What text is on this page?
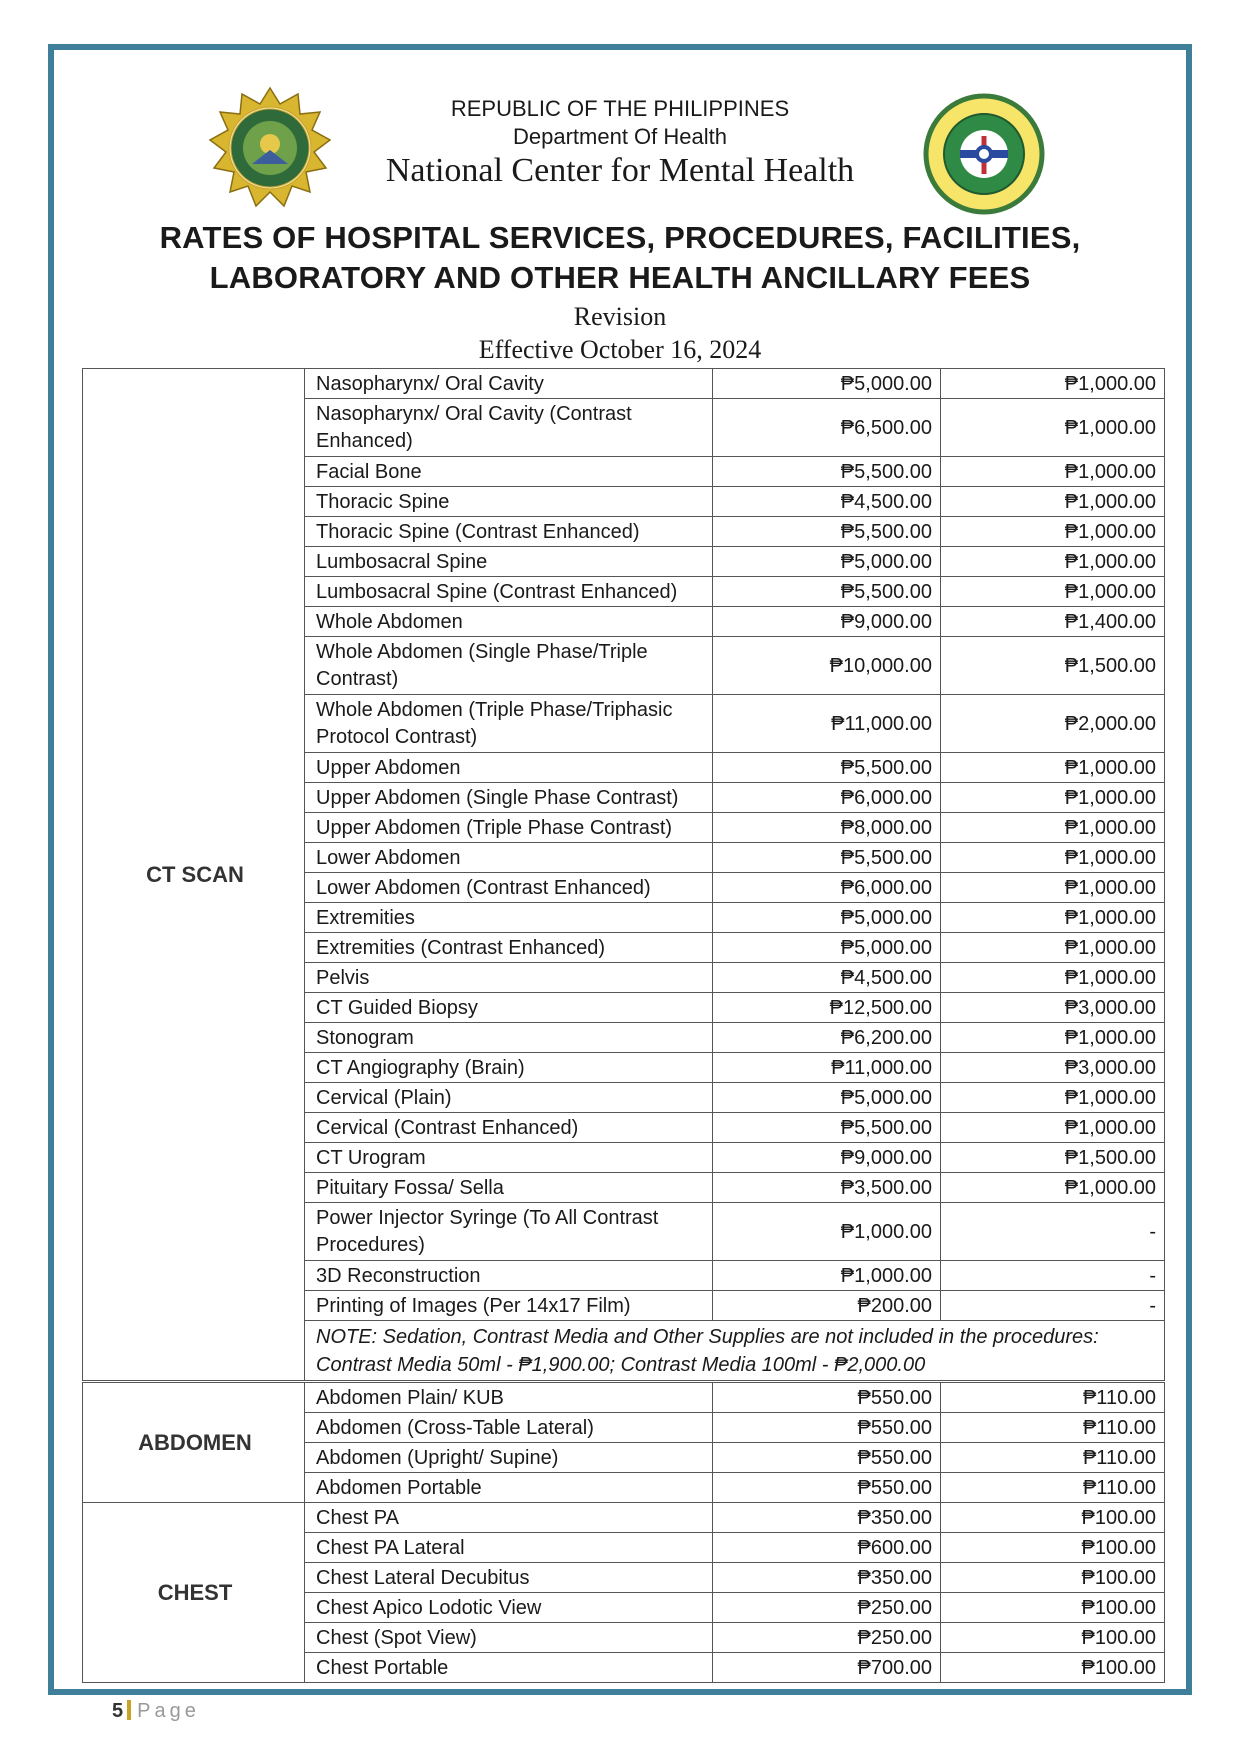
REPUBLIC OF THE PHILIPPINES
Department Of Health
National Center for Mental Health
RATES OF HOSPITAL SERVICES, PROCEDURES, FACILITIES,
LABORATORY AND OTHER HEALTH ANCILLARY FEES
Revision
Effective October 16, 2024
CT SCAN	Nasopharynx/ Oral Cavity	₱5,000.00	₱1,000.00
	Nasopharynx/ Oral Cavity (Contrast Enhanced)	₱6,500.00	₱1,000.00
	Facial Bone	₱5,500.00	₱1,000.00
	Thoracic Spine	₱4,500.00	₱1,000.00
	Thoracic Spine (Contrast Enhanced)	₱5,500.00	₱1,000.00
	Lumbosacral Spine	₱5,000.00	₱1,000.00
	Lumbosacral Spine (Contrast Enhanced)	₱5,500.00	₱1,000.00
	Whole Abdomen	₱9,000.00	₱1,400.00
	Whole Abdomen (Single Phase/Triple Contrast)	₱10,000.00	₱1,500.00
	Whole Abdomen (Triple Phase/Triphasic Protocol Contrast)	₱11,000.00	₱2,000.00
	Upper Abdomen	₱5,500.00	₱1,000.00
	Upper Abdomen (Single Phase Contrast)	₱6,000.00	₱1,000.00
	Upper Abdomen (Triple Phase Contrast)	₱8,000.00	₱1,000.00
	Lower Abdomen	₱5,500.00	₱1,000.00
	Lower Abdomen (Contrast Enhanced)	₱6,000.00	₱1,000.00
	Extremities	₱5,000.00	₱1,000.00
	Extremities (Contrast Enhanced)	₱5,000.00	₱1,000.00
	Pelvis	₱4,500.00	₱1,000.00
	CT Guided Biopsy	₱12,500.00	₱3,000.00
	Stonogram	₱6,200.00	₱1,000.00
	CT Angiography (Brain)	₱11,000.00	₱3,000.00
	Cervical (Plain)	₱5,000.00	₱1,000.00
	Cervical (Contrast Enhanced)	₱5,500.00	₱1,000.00
	CT Urogram	₱9,000.00	₱1,500.00
	Pituitary Fossa/ Sella	₱3,500.00	₱1,000.00
	Power Injector Syringe (To All Contrast Procedures)	₱1,000.00	-
	3D Reconstruction	₱1,000.00	-
	Printing of Images (Per 14x17 Film)	₱200.00	-
	NOTE: Sedation, Contrast Media and Other Supplies are not included in the procedures: Contrast Media 50ml - ₱1,900.00; Contrast Media 100ml - ₱2,000.00		
ABDOMEN	Abdomen Plain/ KUB	₱550.00	₱110.00
	Abdomen (Cross-Table Lateral)	₱550.00	₱110.00
	Abdomen (Upright/ Supine)	₱550.00	₱110.00
	Abdomen Portable	₱550.00	₱110.00
CHEST	Chest PA	₱350.00	₱100.00
	Chest PA Lateral	₱600.00	₱100.00
	Chest Lateral Decubitus	₱350.00	₱100.00
	Chest Apico Lodotic View	₱250.00	₱100.00
	Chest (Spot View)	₱250.00	₱100.00
	Chest Portable	₱700.00	₱100.00
5 Page
